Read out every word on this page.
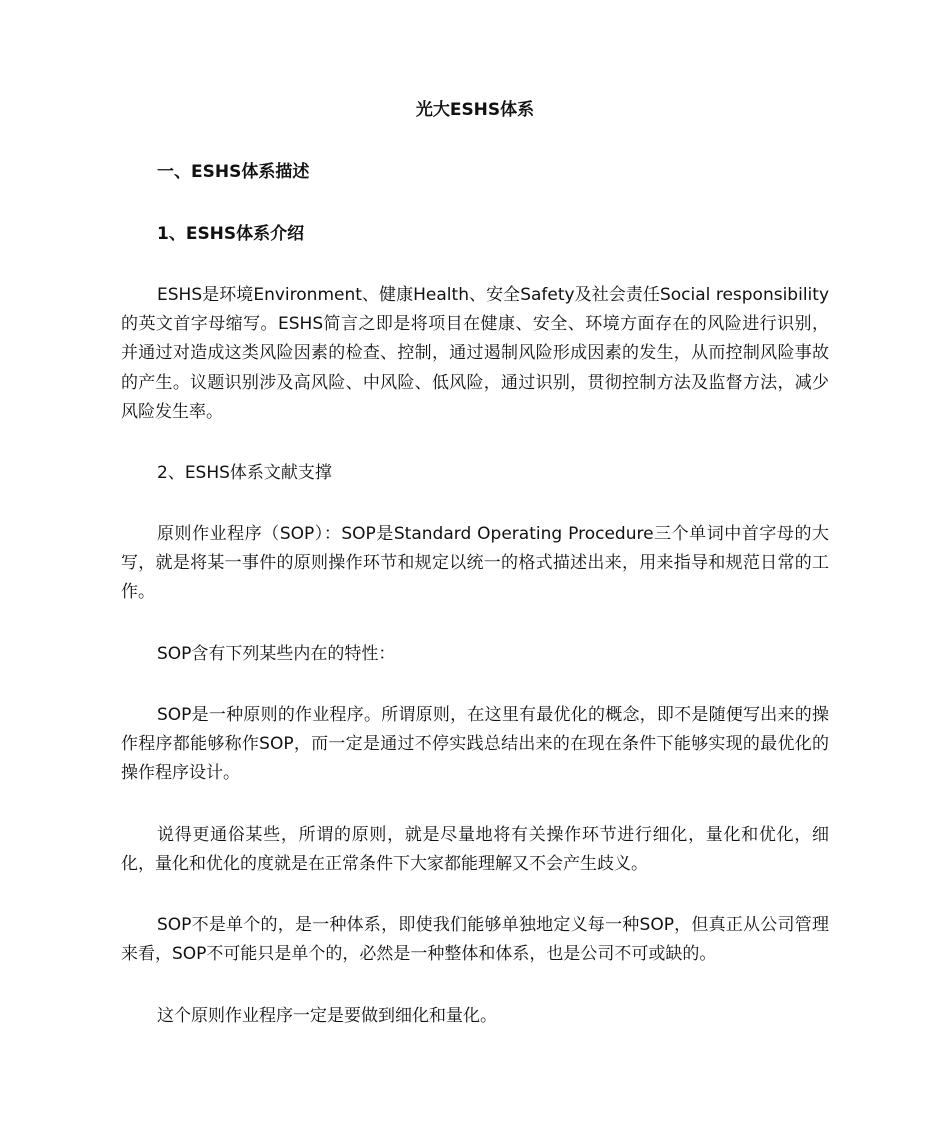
光大ESHS体系
一、ESHS体系描述
1、ESHS体系介绍

ESHS是环境Environment、健康Health、安全Safety及社会责任Social responsibility的英文首字母缩写。ESHS简言之即是将项目在健康、安全、环境方面存在的风险进行识别，并通过对造成这类风险因素的检查、控制，通过遏制风险形成因素的发生，从而控制风险事故的产生。议题识别涉及高风险、中风险、低风险，通过识别，贯彻控制方法及监督方法，减少风险发生率。

2、ESHS体系文献支撑

原则作业程序（SOP）：SOP是Standard Operating Procedure三个单词中首字母的大写，就是将某一事件的原则操作环节和规定以统一的格式描述出来，用来指导和规范日常的工作。

SOP含有下列某些内在的特性：

SOP是一种原则的作业程序。所谓原则，在这里有最优化的概念，即不是随便写出来的操作程序都能够称作SOP，而一定是通过不停实践总结出来的在现在条件下能够实现的最优化的操作程序设计。

说得更通俗某些，所谓的原则，就是尽量地将有关操作环节进行细化，量化和优化，细化，量化和优化的度就是在正常条件下大家都能理解又不会产生歧义。

SOP不是单个的，是一种体系，即使我们能够单独地定义每一种SOP，但真正从公司管理来看，SOP不可能只是单个的，必然是一种整体和体系，也是公司不可或缺的。

这个原则作业程序一定是要做到细化和量化。
